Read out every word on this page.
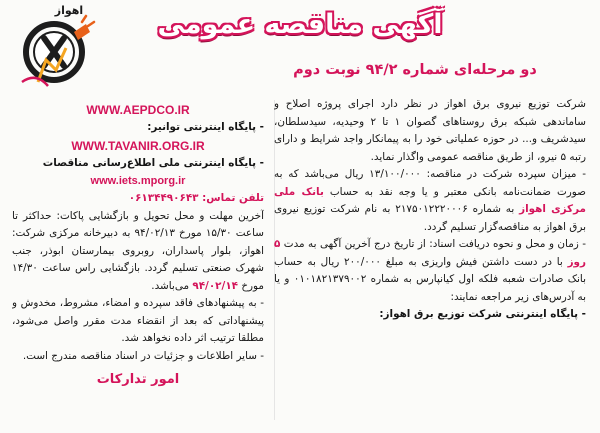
اهواز	آگهی مناقصه عمومی
دو مرحله‌ای شماره ۹۴/۲ نوبت دوم

شرکت توزیع نیروی برق اهواز در نظر دارد اجرای پروژه اصلاح و ساماندهی شبکه برق روستاهای گصوان ۱ تا ۲ وحیدیه، سیدسلطان، سیدشریف و... در حوزه عملیاتی خود را به پیمانکار واجد شرایط و دارای رتبه ۵ نیرو، از طریق مناقصه عمومی واگذار نماید.

- میزان سپرده شرکت در مناقصه: ۱۳/۱۰۰/۰۰۰ ریال می‌باشد که به صورت ضمانت‌نامه بانکی معتبر و یا وجه نقد به حساب بانک ملی مرکزی اهواز به شماره ۲۱۷۵۰۱۲۲۲۰۰۰۶ به نام شرکت توزیع نیروی برق اهواز به مناقصه‌گزار تسلیم گردد.

- زمان و محل و نحوه دریافت اسناد: از تاریخ درج آخرین آگهی به مدت ۵ روز با در دست داشتن فیش واریزی به مبلغ ۲۰۰/۰۰۰ ریال به حساب بانک صادرات شعبه فلکه اول کیانپارس به شماره ۰۱۰۱۸۲۱۳۷۹۰۰۲ و یا به آدرس‌های زیر مراجعه نمایند:

- پایگاه اینترنتی شرکت توزیع برق اهواز:

WWW.AEPDCO.IR

- پایگاه اینترنتی توانیر:

WWW.TAVANIR.ORG.IR

- پایگاه اینترنتی ملی اطلاع‌رسانی مناقصات

www.iets.mporg.ir

تلفن تماس: ۰۶۱۳۴۴۹۰۶۴۳

آخرین مهلت و محل تحویل و بازگشایی پاکات: حداکثر تا ساعت ۱۵/۳۰ مورخ ۹۴/۰۲/۱۳ به دبیرخانه مرکزی شرکت: اهواز، بلوار پاسداران، روبروی بیمارستان ابوذر، جنب شهرک صنعتی تسلیم گردد. بازگشایی راس ساعت ۱۴/۳۰ مورخ ۹۴/۰۲/۱۴ می‌باشد.

- به پیشنهادهای فاقد سپرده و امضاء، مشروط، مخدوش و پیشنهاداتی که بعد از انقضاء مدت مقرر واصل می‌شود، مطلقا ترتیب اثر داده نخواهد شد.

- سایر اطلاعات و جزئیات در اسناد مناقصه مندرج است.

امور تدارکات
